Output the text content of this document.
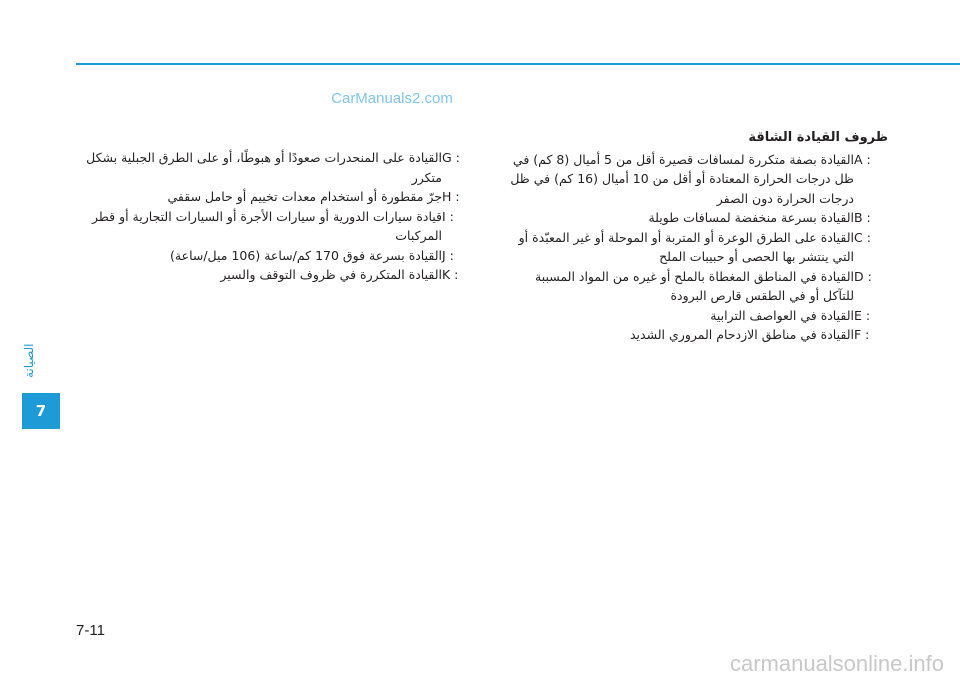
CarManuals2.com
الصيانة
7
ظروف القيادة الشاقة
A :
القيادة بصفة متكررة لمسافات قصيرة أقل من 5 أميال (8 كم) في ظل درجات الحرارة المعتادة أو أقل من 10 أميال (16 كم) في ظل درجات الحرارة دون الصفر
B :
القيادة بسرعة منخفضة لمسافات طويلة
C :
القيادة على الطرق الوعرة أو المتربة أو الموحلة أو غير المعبّدة أو التي ينتشر بها الحصى أو حبيبات الملح
D :
القيادة في المناطق المغطاة بالملح أو غيره من المواد المسببة للتآكل أو في الطقس قارص البرودة
E :
القيادة في العواصف الترابية
F :
القيادة في مناطق الازدحام المروري الشديد
G :
القيادة على المنحدرات صعودًا أو هبوطًا، أو على الطرق الجبلية بشكل متكرر
H :
جرّ مقطورة أو استخدام معدات تخييم أو حامل سقفي
I :
قيادة سيارات الدورية أو سيارات الأجرة أو السيارات التجارية أو قطر المركبات
J :
القيادة بسرعة فوق 170 كم/ساعة (106 ميل/ساعة)
K :
القيادة المتكررة في ظروف التوقف والسير
7-11
carmanualsonline.info
